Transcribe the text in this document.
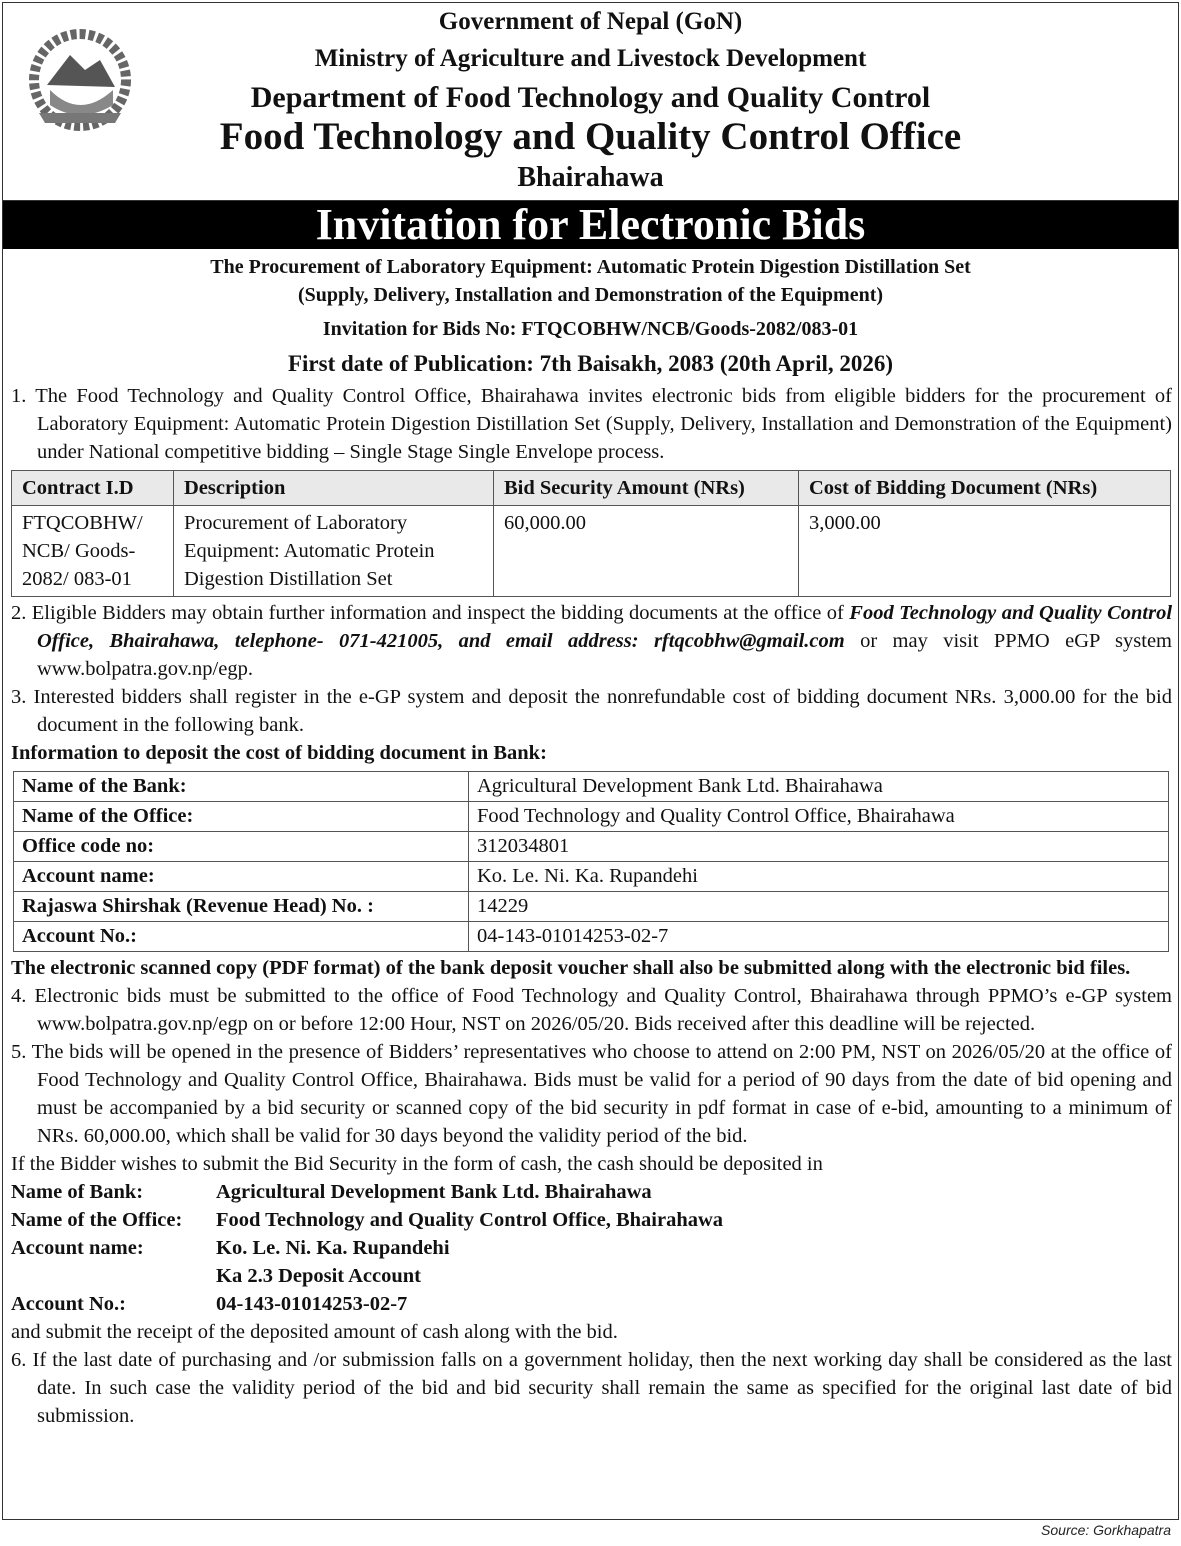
Government of Nepal (GoN)
Ministry of Agriculture and Livestock Development
Department of Food Technology and Quality Control
Food Technology and Quality Control Office
Bhairahawa
Invitation for Electronic Bids
The Procurement of Laboratory Equipment: Automatic Protein Digestion Distillation Set
(Supply, Delivery, Installation and Demonstration of the Equipment)
Invitation for Bids No: FTQCOBHW/NCB/Goods-2082/083-01
First date of Publication: 7th Baisakh, 2083 (20th April, 2026)

1. The Food Technology and Quality Control Office, Bhairahawa invites electronic bids from eligible bidders for the procurement of Laboratory Equipment: Automatic Protein Digestion Distillation Set (Supply, Delivery, Installation and Demonstration of the Equipment) under National competitive bidding – Single Stage Single Envelope process.

Contract I.D	Description	Bid Security Amount (NRs)	Cost of Bidding Document (NRs)
FTQCOBHW/ NCB/ Goods-2082/ 083-01	Procurement of Laboratory Equipment: Automatic Protein Digestion Distillation Set	60,000.00	3,000.00

2. Eligible Bidders may obtain further information and inspect the bidding documents at the office of Food Technology and Quality Control Office, Bhairahawa, telephone- 071-421005, and email address: rftqcobhw@gmail.com or may visit PPMO eGP system www.bolpatra.gov.np/egp.

3. Interested bidders shall register in the e-GP system and deposit the nonrefundable cost of bidding document NRs. 3,000.00 for the bid document in the following bank.

Information to deposit the cost of bidding document in Bank:

Name of the Bank:	Agricultural Development Bank Ltd. Bhairahawa
Name of the Office:	Food Technology and Quality Control Office, Bhairahawa
Office code no:	312034801
Account name:	Ko. Le. Ni. Ka. Rupandehi
Rajaswa Shirshak (Revenue Head) No. :	14229
Account No.:	04-143-01014253-02-7

The electronic scanned copy (PDF format) of the bank deposit voucher shall also be submitted along with the electronic bid files.

4. Electronic bids must be submitted to the office of Food Technology and Quality Control, Bhairahawa through PPMO’s e-GP system www.bolpatra.gov.np/egp on or before 12:00 Hour, NST on 2026/05/20. Bids received after this deadline will be rejected.

5. The bids will be opened in the presence of Bidders’ representatives who choose to attend on 2:00 PM, NST on 2026/05/20 at the office of Food Technology and Quality Control Office, Bhairahawa. Bids must be valid for a period of 90 days from the date of bid opening and must be accompanied by a bid security or scanned copy of the bid security in pdf format in case of e-bid, amounting to a minimum of NRs. 60,000.00, which shall be valid for 30 days beyond the validity period of the bid.

If the Bidder wishes to submit the Bid Security in the form of cash, the cash should be deposited in

Name of Bank:	Agricultural Development Bank Ltd. Bhairahawa
Name of the Office:	Food Technology and Quality Control Office, Bhairahawa
Account name:	Ko. Le. Ni. Ka. Rupandehi
Ka 2.3 Deposit Account
Account No.:	04-143-01014253-02-7

and submit the receipt of the deposited amount of cash along with the bid.

6. If the last date of purchasing and /or submission falls on a government holiday, then the next working day shall be considered as the last date. In such case the validity period of the bid and bid security shall remain the same as specified for the original last date of bid submission.

Source: Gorkhapatra
